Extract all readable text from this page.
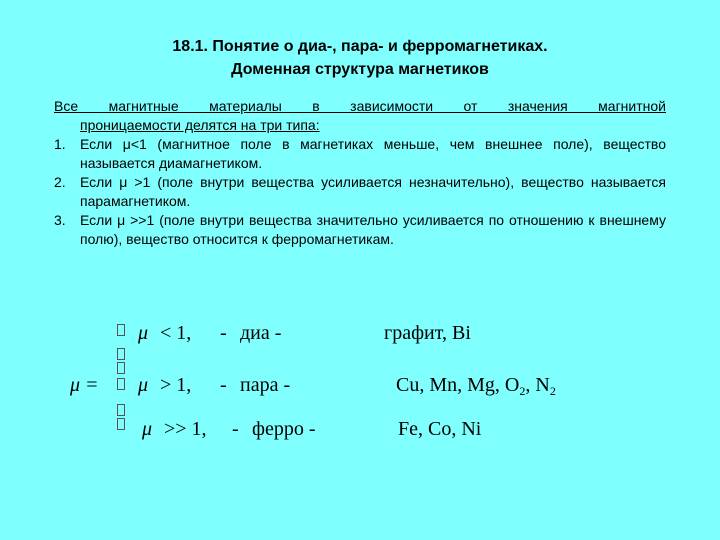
18.1. Понятие о диа-, пара- и ферромагнетиках.
Доменная структура магнетиков
Все магнитные материалы в зависимости от значения магнитной
проницаемости делятся на три типа:
1. Если μ<1 (магнитное поле в магнетиках меньше, чем внешнее поле), вещество называется диамагнетиком.
2. Если μ >1 (поле внутри вещества усиливается незначительно), вещество называется парамагнетиком.
3. Если μ >>1 (поле внутри вещества значительно усиливается по отношению к внешнему полю), вещество относится к ферромагнетикам.
μ =
μ < 1, - диа -	графит, Bi
μ > 1, - пара -	Cu, Mn, Mg, $O_2$, $N_2$
μ >> 1, - ферро -	Fe, Co, Ni
